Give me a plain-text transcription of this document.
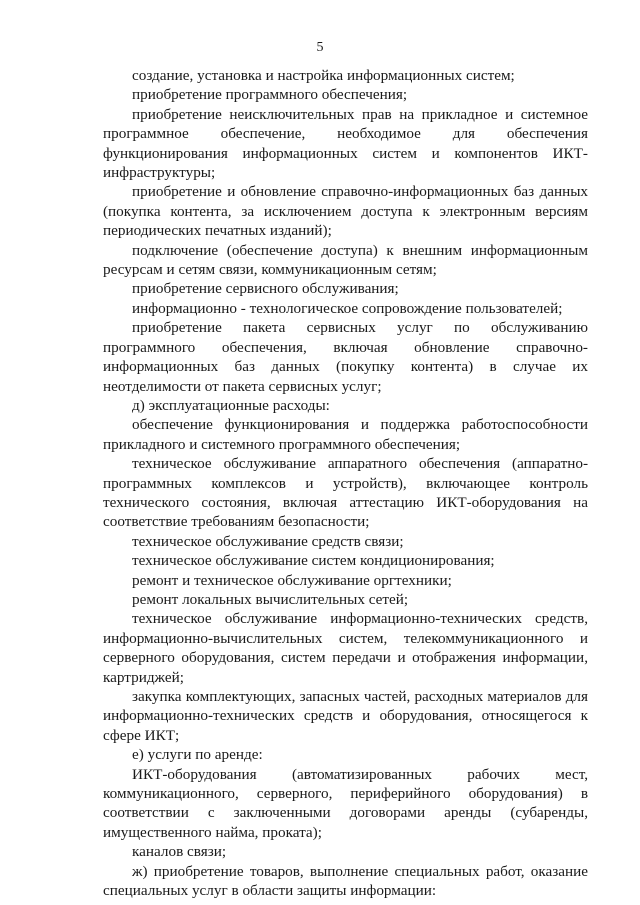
5

создание, установка и настройка информационных систем;

приобретение программного обеспечения;

приобретение неисключительных прав на прикладное и системное программное обеспечение, необходимое для обеспечения функционирования информационных систем и компонентов ИКТ-инфраструктуры;

приобретение и обновление справочно-информационных баз данных (покупка контента, за исключением доступа к электронным версиям периодических печатных изданий);

подключение (обеспечение доступа) к внешним информационным ресурсам и сетям связи, коммуникационным сетям;

приобретение сервисного обслуживания;

информационно - технологическое сопровождение пользователей;

приобретение пакета сервисных услуг по обслуживанию программного обеспечения, включая обновление справочно-информационных баз данных (покупку контента) в случае их неотделимости от пакета сервисных услуг;

д) эксплуатационные расходы:

обеспечение функционирования и поддержка работоспособности прикладного и системного программного обеспечения;

техническое обслуживание аппаратного обеспечения (аппаратно-программных комплексов и устройств), включающее контроль технического состояния, включая аттестацию ИКТ-оборудования на соответствие требованиям безопасности;

техническое обслуживание средств связи;

техническое обслуживание систем кондиционирования;

ремонт и техническое обслуживание оргтехники;

ремонт локальных вычислительных сетей;

техническое обслуживание информационно-технических средств, информационно-вычислительных систем, телекоммуникационного и серверного оборудования, систем передачи и отображения информации, картриджей;

закупка комплектующих, запасных частей, расходных материалов для информационно-технических средств и оборудования, относящегося к сфере ИКТ;

е) услуги по аренде:

ИКТ-оборудования (автоматизированных рабочих мест, коммуникационного, серверного, периферийного оборудования) в соответствии с заключенными договорами аренды (субаренды, имущественного найма, проката);

каналов связи;

ж) приобретение товаров, выполнение специальных работ, оказание специальных услуг в области защиты информации:
